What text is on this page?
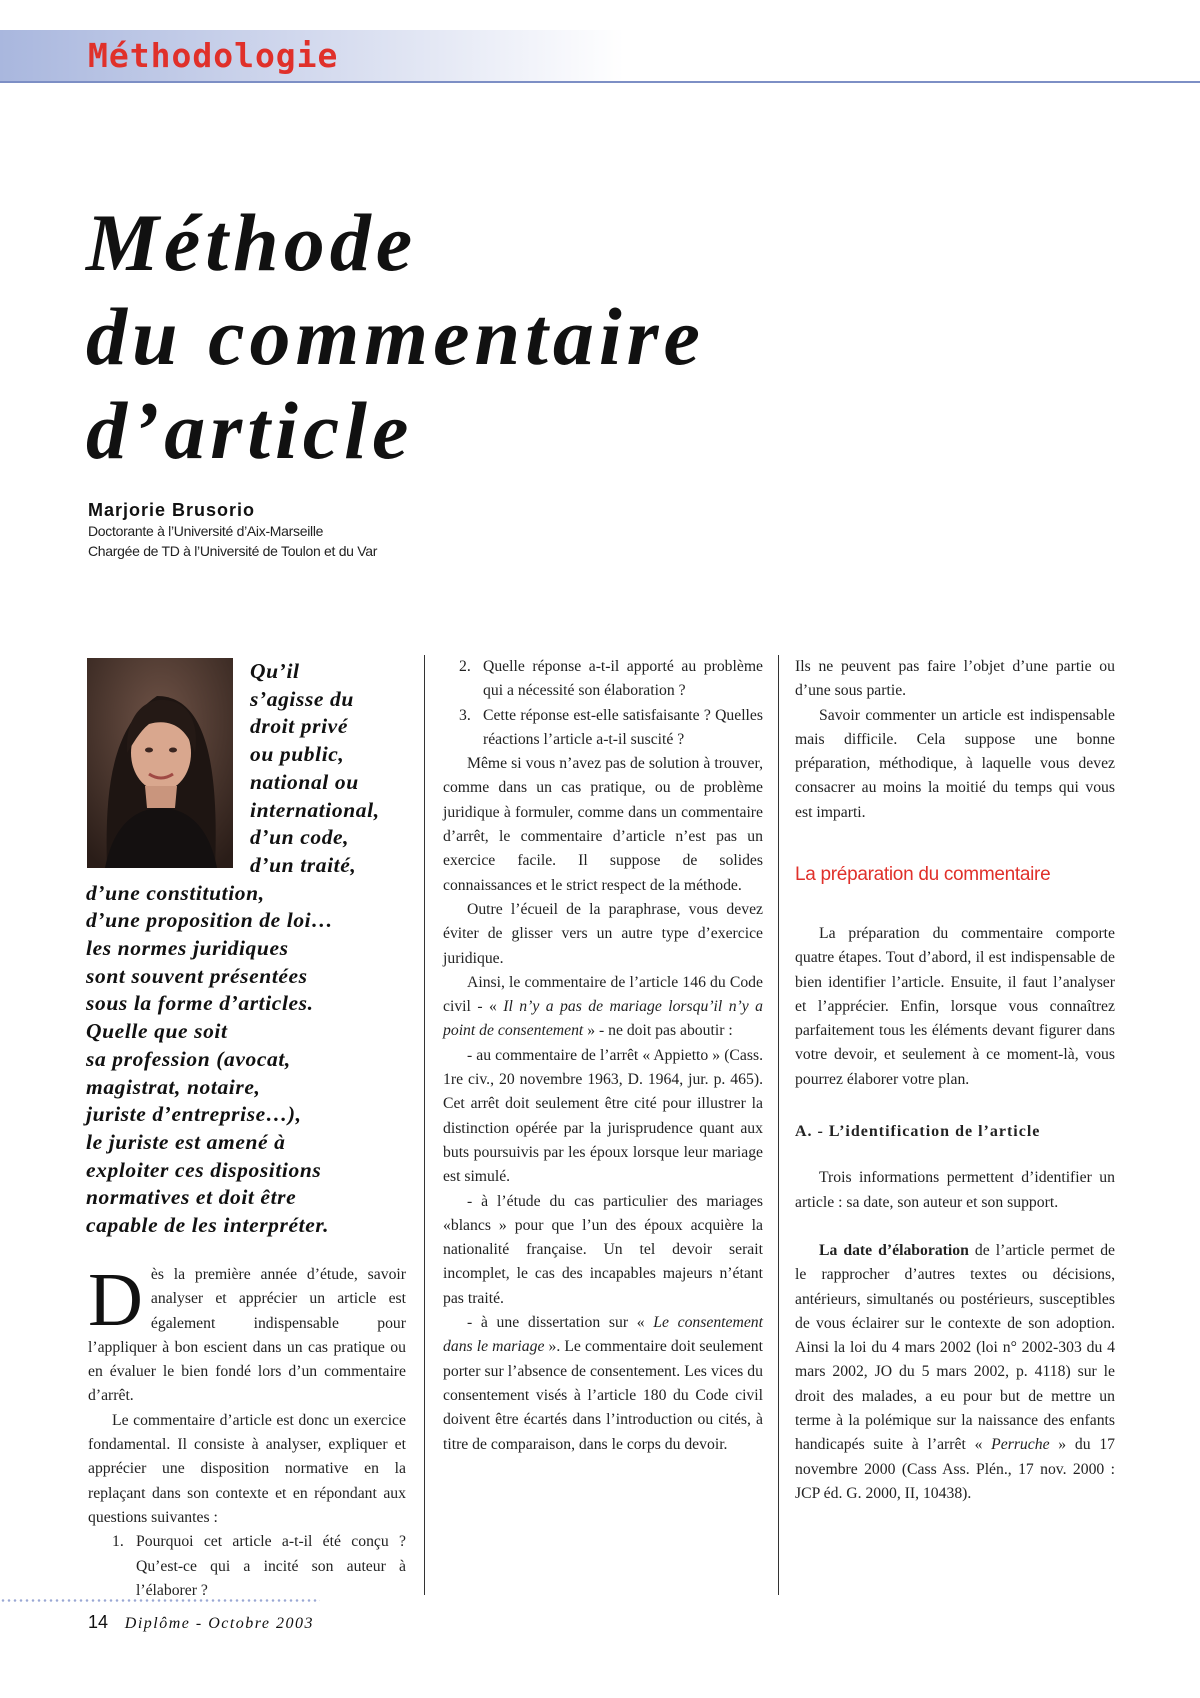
Méthodologie
Méthode
du commentaire
d’article
Marjorie Brusorio
Doctorante à l’Université d’Aix-Marseille
Chargée de TD à l’Université de Toulon et du Var
Qu’il
s’agisse du
droit privé
ou public,
national ou
international,
d’un code,
d’un traité,
d’une constitution,
d’une proposition de loi…
les normes juridiques
sont souvent présentées
sous la forme d’articles.
Quelle que soit
sa profession (avocat,
magistrat, notaire,
juriste d’entreprise…),
le juriste est amené à
exploiter ces dispositions
normatives et doit être
capable de les interpréter.

Dès la première année d’étude, savoir analyser et apprécier un article est également indispensable pour l’appliquer à bon escient dans un cas pratique ou en évaluer le bien fondé lors d’un commentaire d’arrêt.

Le commentaire d’article est donc un exercice fondamental. Il consiste à analyser, expliquer et apprécier une disposition normative en la replaçant dans son contexte et en répondant aux questions suivantes :

1. Pourquoi cet article a-t-il été conçu ? Qu’est-ce qui a incité son auteur à l’élaborer ?
2. Quelle réponse a-t-il apporté au problème qui a nécessité son élaboration ?
3. Cette réponse est-elle satisfaisante ? Quelles réactions l’article a-t-il suscité ?

Même si vous n’avez pas de solution à trouver, comme dans un cas pratique, ou de problème juridique à formuler, comme dans un commentaire d’arrêt, le commentaire d’article n’est pas un exercice facile. Il suppose de solides connaissances et le strict respect de la méthode.

Outre l’écueil de la paraphrase, vous devez éviter de glisser vers un autre type d’exercice juridique.

Ainsi, le commentaire de l’article 146 du Code civil - « Il n’y a pas de mariage lorsqu’il n’y a point de consentement » - ne doit pas aboutir :

- au commentaire de l’arrêt « Appietto » (Cass. 1re civ., 20 novembre 1963, D. 1964, jur. p. 465). Cet arrêt doit seulement être cité pour illustrer la distinction opérée par la jurisprudence quant aux buts poursuivis par les époux lorsque leur mariage est simulé.

- à l’étude du cas particulier des mariages «blancs » pour que l’un des époux acquière la nationalité française. Un tel devoir serait incomplet, le cas des incapables majeurs n’étant pas traité.

- à une dissertation sur « Le consentement dans le mariage ». Le commentaire doit seulement porter sur l’absence de consentement. Les vices du consentement visés à l’article 180 du Code civil doivent être écartés dans l’introduction ou cités, à titre de comparaison, dans le corps du devoir.

Ils ne peuvent pas faire l’objet d’une partie ou d’une sous partie.

Savoir commenter un article est indispensable mais difficile. Cela suppose une bonne préparation, méthodique, à laquelle vous devez consacrer au moins la moitié du temps qui vous est imparti.

La préparation du commentaire

La préparation du commentaire comporte quatre étapes. Tout d’abord, il est indispensable de bien identifier l’article. Ensuite, il faut l’analyser et l’apprécier. Enfin, lorsque vous connaîtrez parfaitement tous les éléments devant figurer dans votre devoir, et seulement à ce moment-là, vous pourrez élaborer votre plan.

A. - L’identification de l’article

Trois informations permettent d’identifier un article : sa date, son auteur et son support.

La date d’élaboration de l’article permet de le rapprocher d’autres textes ou décisions, antérieurs, simultanés ou postérieurs, susceptibles de vous éclairer sur le contexte de son adoption. Ainsi la loi du 4 mars 2002 (loi n° 2002-303 du 4 mars 2002, JO du 5 mars 2002, p. 4118) sur le droit des malades, a eu pour but de mettre un terme à la polémique sur la naissance des enfants handicapés suite à l’arrêt « Perruche » du 17 novembre 2000 (Cass Ass. Plén., 17 nov. 2000 : JCP éd. G. 2000, II, 10438).

14 Diplôme - Octobre 2003
